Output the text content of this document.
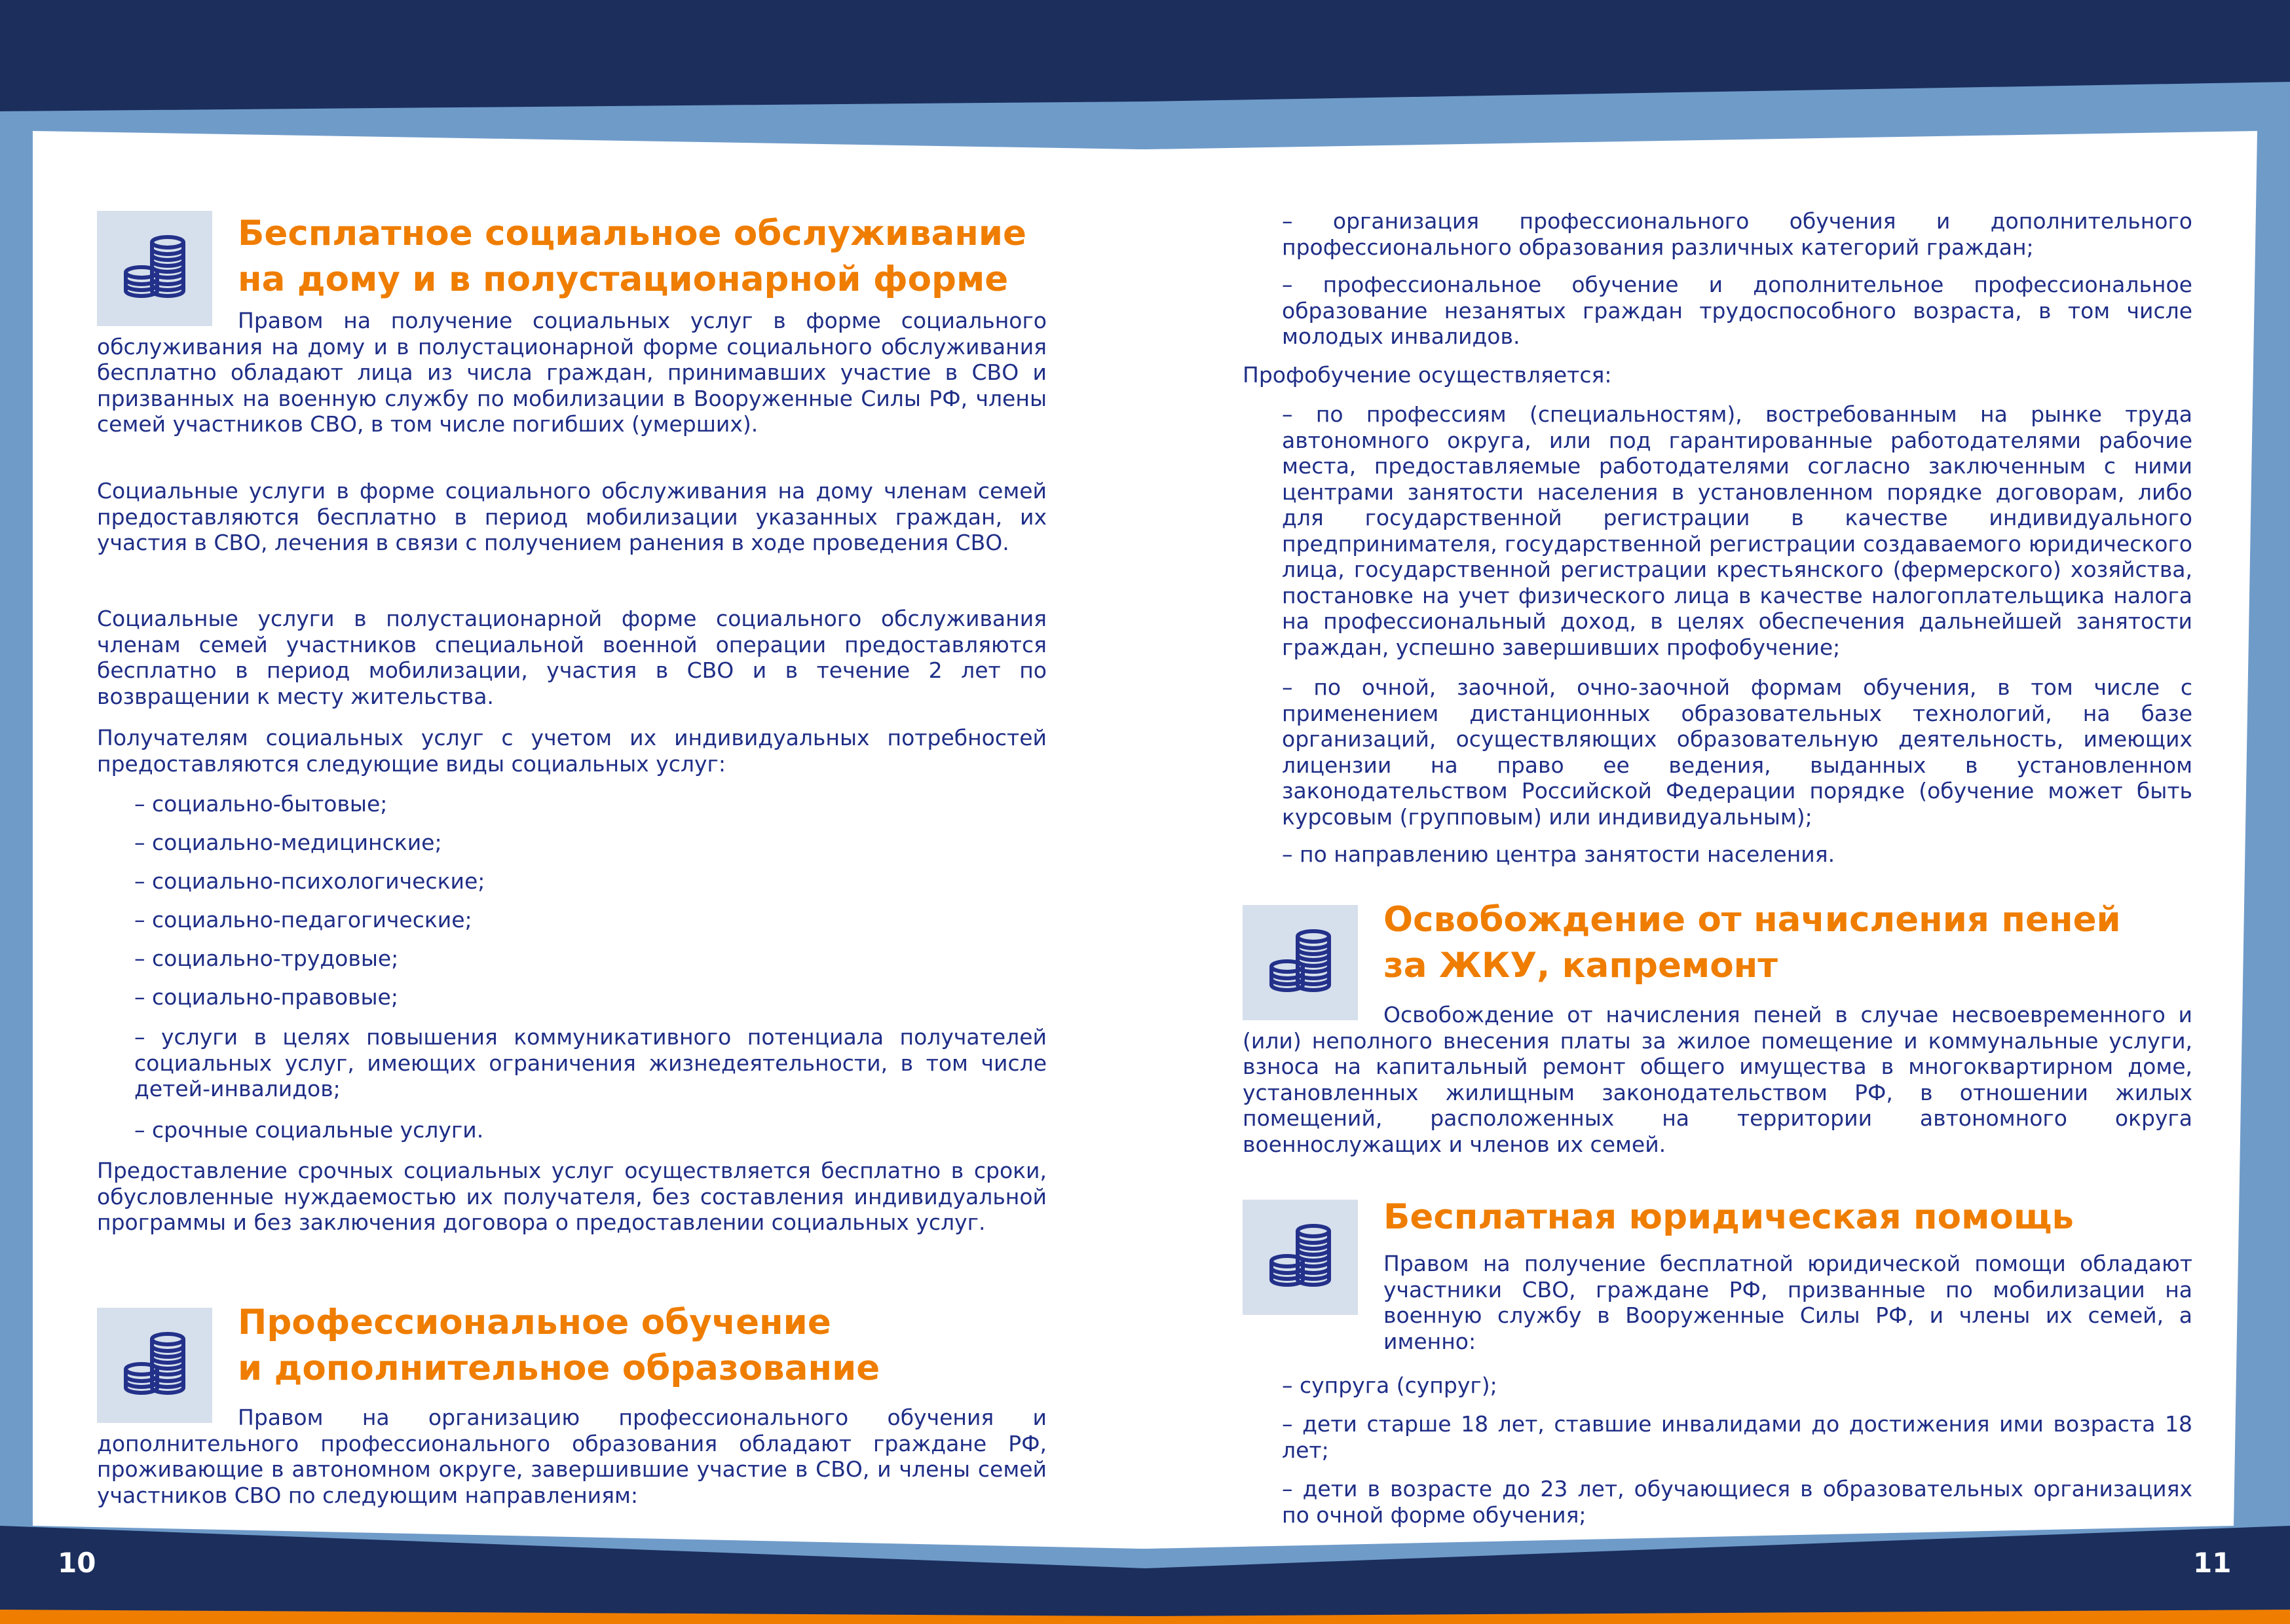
Бесплатное социальное обслуживание
на дому и в полустационарной форме
Правом на получение социальных услуг в форме социального обслуживания на дому и в полустационарной форме социального обслуживания бесплатно обладают лица из числа граждан, принимавших участие в СВО и призванных на военную службу по мобилизации в Вооруженные Силы РФ, члены семей участников СВО, в том числе погибших (умерших).
Социальные услуги в форме социального обслуживания на дому членам семей предоставляются бесплатно в период мобилизации указанных граждан, их участия в СВО, лечения в связи с получением ранения в ходе проведения СВО.
Социальные услуги в полустационарной форме социального обслуживания членам семей участников специальной военной операции предоставляются бесплатно в период мобилизации, участия в СВО и в течение 2 лет по возвращении к месту жительства.
Получателям социальных услуг с учетом их индивидуальных потребностей предоставляются следующие виды социальных услуг:
– социально-бытовые;
– социально-медицинские;
– социально-психологические;
– социально-педагогические;
– социально-трудовые;
– социально-правовые;
– услуги в целях повышения коммуникативного потенциала получателей социальных услуг, имеющих ограничения жизнедеятельности, в том числе детей-инвалидов;
– срочные социальные услуги.
Предоставление срочных социальных услуг осуществляется бесплатно в сроки, обусловленные нуждаемостью их получателя, без составления индивидуальной программы и без заключения договора о предоставлении социальных услуг.
Профессиональное обучение
и дополнительное образование
Правом на организацию профессионального обучения и дополнительного профессионального образования обладают граждане РФ, проживающие в автономном округе, завершившие участие в СВО, и члены семей участников СВО по следующим направлениям:
– организация профессионального обучения и дополнительного профессионального образования различных категорий граждан;
– профессиональное обучение и дополнительное профессиональное образование незанятых граждан трудоспособного возраста, в том числе молодых инвалидов.
Профобучение осуществляется:
– по профессиям (специальностям), востребованным на рынке труда автономного округа, или под гарантированные работодателями рабочие места, предоставляемые работодателями согласно заключенным с ними центрами занятости населения в установленном порядке договорам, либо для государственной регистрации в качестве индивидуального предпринимателя, государственной регистрации создаваемого юридического лица, государственной регистрации крестьянского (фермерского) хозяйства, постановке на учет физического лица в качестве налогоплательщика налога на профессиональный доход, в целях обеспечения дальнейшей занятости граждан, успешно завершивших профобучение;
– по очной, заочной, очно-заочной формам обучения, в том числе с применением дистанционных образовательных технологий, на базе организаций, осуществляющих образовательную деятельность, имеющих лицензии на право ее ведения, выданных в установленном законодательством Российской Федерации порядке (обучение может быть курсовым (групповым) или индивидуальным);
– по направлению центра занятости населения.
Освобождение от начисления пеней
за ЖКУ, капремонт
Освобождение от начисления пеней в случае несвоевременного и (или) неполного внесения платы за жилое помещение и коммунальные услуги, взноса на капитальный ремонт общего имущества в многоквартирном доме, установленных жилищным законодательством РФ, в отношении жилых помещений, расположенных на территории автономного округа военнослужащих и членов их семей.
Бесплатная юридическая помощь
Правом на получение бесплатной юридической помощи обладают участники СВО, граждане РФ, призванные по мобилизации на военную службу в Вооруженные Силы РФ, и члены их семей, а именно:
– супруга (супруг);
– дети старше 18 лет, ставшие инвалидами до достижения ими возраста 18 лет;
– дети в возрасте до 23 лет, обучающиеся в образовательных организациях по очной форме обучения;
10	11
